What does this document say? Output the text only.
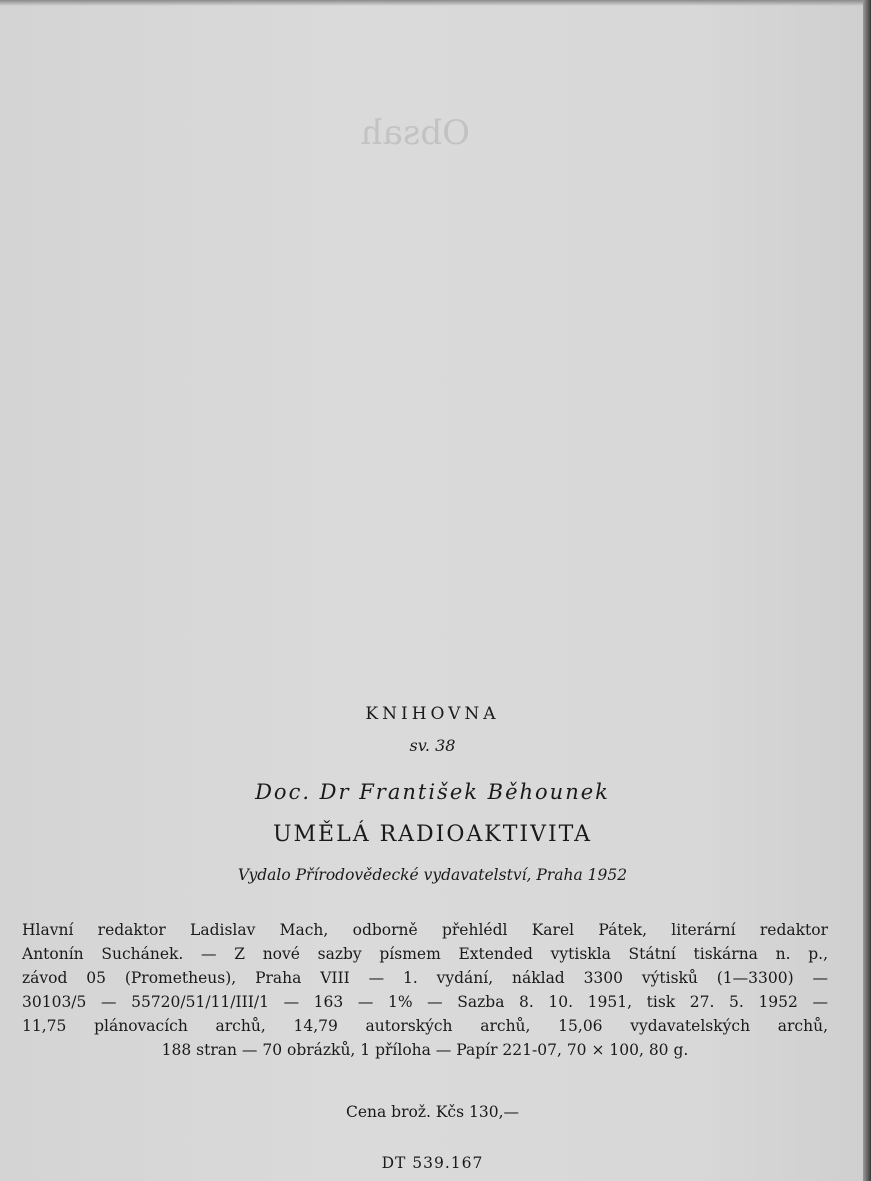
Obsah
KNIHOVNA
sv. 38
Doc. Dr František Běhounek
UMĚLÁ RADIOAKTIVITA
Vydalo Přírodovědecké vydavatelství, Praha 1952
Hlavní redaktor Ladislav Mach, odborně přehlédl Karel Pátek, literární redaktor
Antonín Suchánek. — Z nové sazby písmem Extended vytiskla Státní tiskárna n. p.,
závod 05 (Prometheus), Praha VIII — 1. vydání, náklad 3300 výtisků (1—3300) —
30103/5 — 55720/51/11/III/1 — 163 — 1% — Sazba 8. 10. 1951, tisk 27. 5. 1952 —
11,75 plánovacích archů, 14,79 autorských archů, 15,06 vydavatelských archů,
188 stran — 70 obrázků, 1 příloha — Papír 221-07, 70 × 100, 80 g.
Cena brož. Kčs 130,—
DT 539.167
